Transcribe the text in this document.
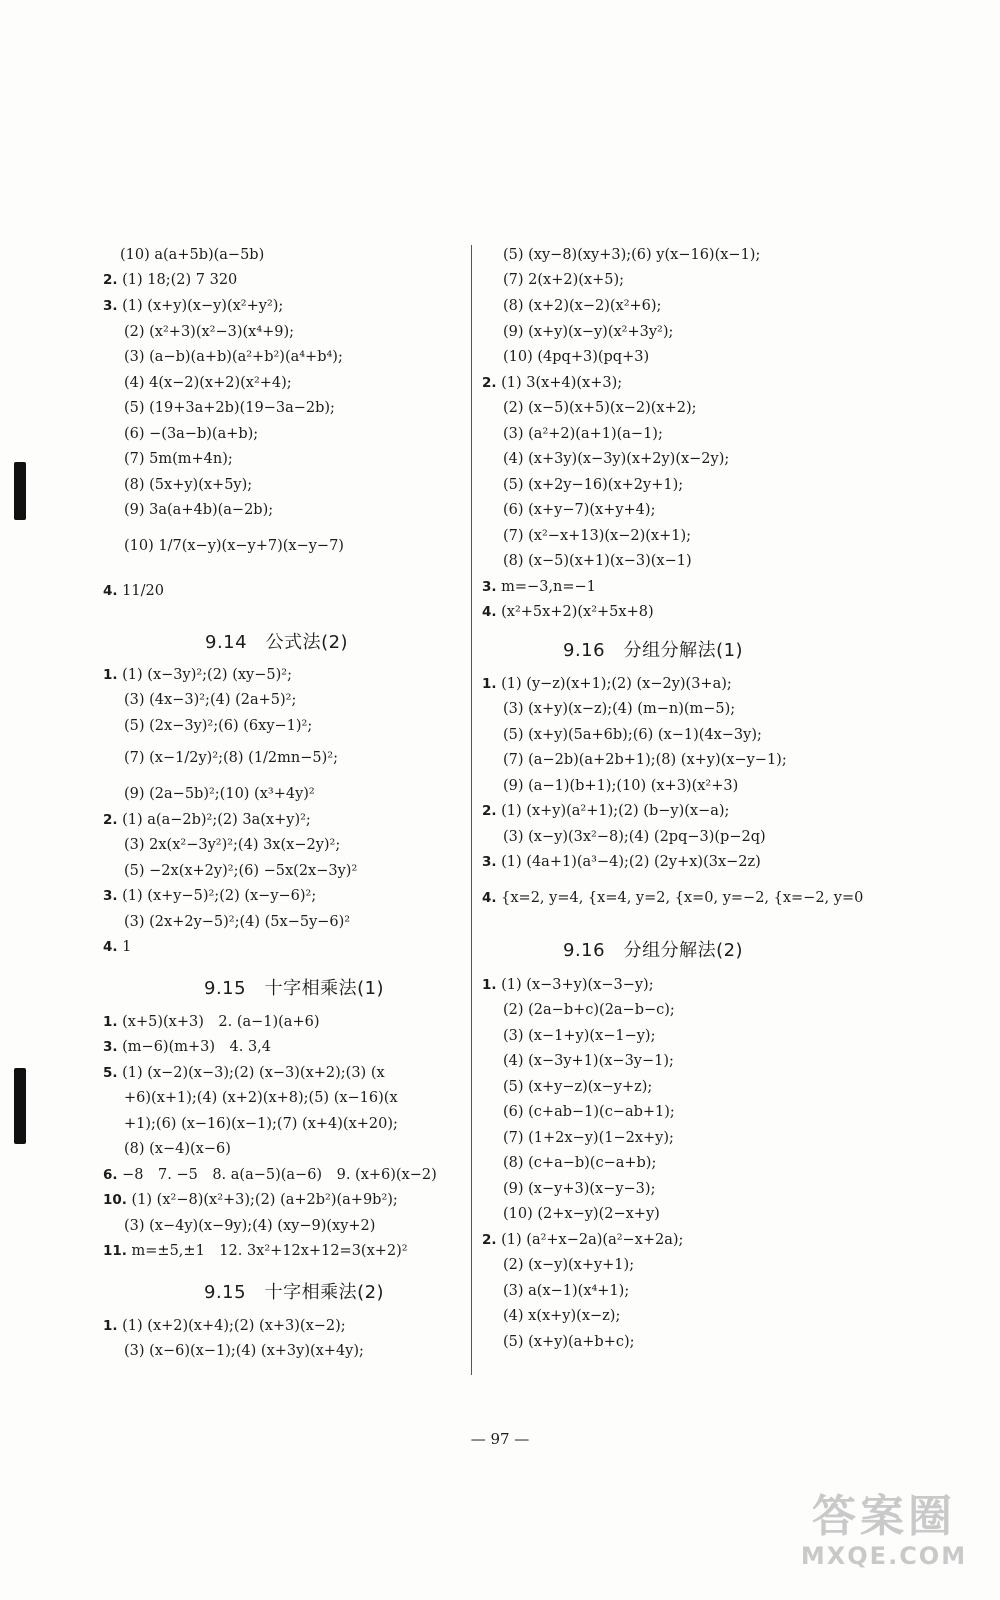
(10) a(a+5b)(a−5b)
2. (1) 18;(2) 7 320
3. (1) (x+y)(x−y)(x²+y²);
(2) (x²+3)(x²−3)(x⁴+9);
(3) (a−b)(a+b)(a²+b²)(a⁴+b⁴);
(4) 4(x−2)(x+2)(x²+4);
(5) (19+3a+2b)(19−3a−2b);
(6) −(3a−b)(a+b);
(7) 5m(m+4n);
(8) (5x+y)(x+5y);
(9) 3a(a+4b)(a−2b);
(10) 1/7(x−y)(x−y+7)(x−y−7)
4. 11/20
9.14　公式法(2)
1. (1) (x−3y)²;(2) (xy−5)²;
(3) (4x−3)²;(4) (2a+5)²;
(5) (2x−3y)²;(6) (6xy−1)²;
(7) (x−1/2y)²;(8) (1/2mn−5)²;
(9) (2a−5b)²;(10) (x³+4y)²
2. (1) a(a−2b)²;(2) 3a(x+y)²;
(3) 2x(x²−3y²)²;(4) 3x(x−2y)²;
(5) −2x(x+2y)²;(6) −5x(2x−3y)²
3. (1) (x+y−5)²;(2) (x−y−6)²;
(3) (2x+2y−5)²;(4) (5x−5y−6)²
4. 1
9.15　十字相乘法(1)
1. (x+5)(x+3)　2. (a−1)(a+6)
3. (m−6)(m+3)　4. 3,4
5. (1) (x−2)(x−3);(2) (x−3)(x+2);(3) (x
+6)(x+1);(4) (x+2)(x+8);(5) (x−16)(x
+1);(6) (x−16)(x−1);(7) (x+4)(x+20);
(8) (x−4)(x−6)
6. −8　7. −5　8. a(a−5)(a−6)　9. (x+6)(x−2)
10. (1) (x²−8)(x²+3);(2) (a+2b²)(a+9b²);
(3) (x−4y)(x−9y);(4) (xy−9)(xy+2)
11. m=±5,±1　12. 3x²+12x+12=3(x+2)²
9.15　十字相乘法(2)
1. (1) (x+2)(x+4);(2) (x+3)(x−2);
(3) (x−6)(x−1);(4) (x+3y)(x+4y);
(5) (xy−8)(xy+3);(6) y(x−16)(x−1);
(7) 2(x+2)(x+5);
(8) (x+2)(x−2)(x²+6);
(9) (x+y)(x−y)(x²+3y²);
(10) (4pq+3)(pq+3)
2. (1) 3(x+4)(x+3);
(2) (x−5)(x+5)(x−2)(x+2);
(3) (a²+2)(a+1)(a−1);
(4) (x+3y)(x−3y)(x+2y)(x−2y);
(5) (x+2y−16)(x+2y+1);
(6) (x+y−7)(x+y+4);
(7) (x²−x+13)(x−2)(x+1);
(8) (x−5)(x+1)(x−3)(x−1)
3. m=−3,n=−1
4. (x²+5x+2)(x²+5x+8)
9.16　分组分解法(1)
1. (1) (y−z)(x+1);(2) (x−2y)(3+a);
(3) (x+y)(x−z);(4) (m−n)(m−5);
(5) (x+y)(5a+6b);(6) (x−1)(4x−3y);
(7) (a−2b)(a+2b+1);(8) (x+y)(x−y−1);
(9) (a−1)(b+1);(10) (x+3)(x²+3)
2. (1) (x+y)(a²+1);(2) (b−y)(x−a);
(3) (x−y)(3x²−8);(4) (2pq−3)(p−2q)
3. (1) (4a+1)(a³−4);(2) (2y+x)(3x−2z)
4. {x=2, y=4, {x=4, y=2, {x=0, y=−2, {x=−2, y=0
9.16　分组分解法(2)
1. (1) (x−3+y)(x−3−y);
(2) (2a−b+c)(2a−b−c);
(3) (x−1+y)(x−1−y);
(4) (x−3y+1)(x−3y−1);
(5) (x+y−z)(x−y+z);
(6) (c+ab−1)(c−ab+1);
(7) (1+2x−y)(1−2x+y);
(8) (c+a−b)(c−a+b);
(9) (x−y+3)(x−y−3);
(10) (2+x−y)(2−x+y)
2. (1) (a²+x−2a)(a²−x+2a);
(2) (x−y)(x+y+1);
(3) a(x−1)(x⁴+1);
(4) x(x+y)(x−z);
(5) (x+y)(a+b+c);
— 97 —
答案圈
MXQE.COM
